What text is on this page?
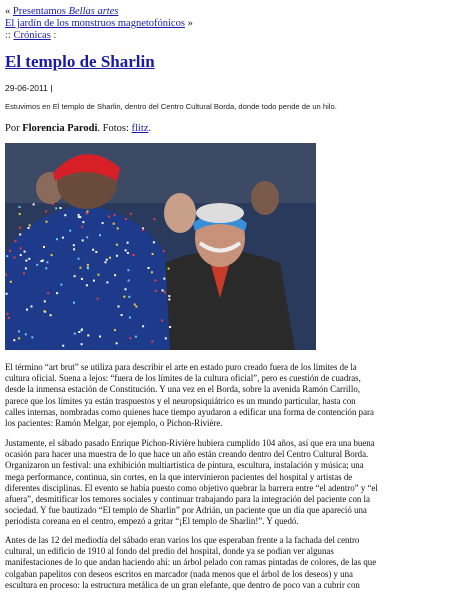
« Presentamos Bellas artes
El jardín de los monstruos magnetofónicos »
:: Crónicas :
El templo de Sharlin
29-06-2011 |
Estuvimos en El templo de Sharlin, dentro del Centro Cultural Borda, donde todo pende de un hilo.
Por Florencia Parodi. Fotos: flitz.

El término “art brut” se utiliza para describir el arte en estado puro creado fuera de los límites de la
cultura oficial. Suena a lejos: “fuera de los límites de la cultura oficial”, pero es cuestión de cuadras,
desde la inmensa estación de Constitución. Y una vez en el Borda, sobre la avenida Ramón Carrillo,
parece que los límites ya están traspuestos y el neuropsiquiátrico es un mundo particular, hasta con
calles internas, nombradas como quienes hace tiempo ayudaron a edificar una forma de contención para
los pacientes: Ramón Melgar, por ejemplo, o Pichon-Rivière.

Justamente, el sábado pasado Enrique Pichon-Rivière hubiera cumplido 104 años, así que era una buena
ocasión para hacer una muestra de lo que hace un año están creando dentro del Centro Cultural Borda.
Organizaron un festival: una exhibición multiartística de pintura, escultura, instalación y música; una
mega performance, continua, sin cortes, en la que intervinieron pacientes del hospital y artistas de
diferentes disciplinas. El evento se había puesto como objetivo quebrar la barrera entre “el adentro” y “el
afuera”, desmitificar los temores sociales y continuar trabajando para la integración del paciente con la
sociedad. Y fue bautizado “El templo de Sharlin” por Adrián, un paciente que un día que apareció una
periodista coreana en el centro, empezó a gritar “¡El templo de Sharlin!”. Y quedó.

Antes de las 12 del mediodía del sábado eran varios los que esperaban frente a la fachada del centro
cultural, un edificio de 1910 al fondo del predio del hospital, donde ya se podían ver algunas
manifestaciones de lo que andan haciendo ahí: un árbol pelado con ramas pintadas de colores, de las que
colgaban papelitos con deseos escritos en marcador (nada menos que el árbol de los deseos) y una
escultura en proceso: la estructura metálica de un gran elefante, que dentro de poco van a cubrir con
